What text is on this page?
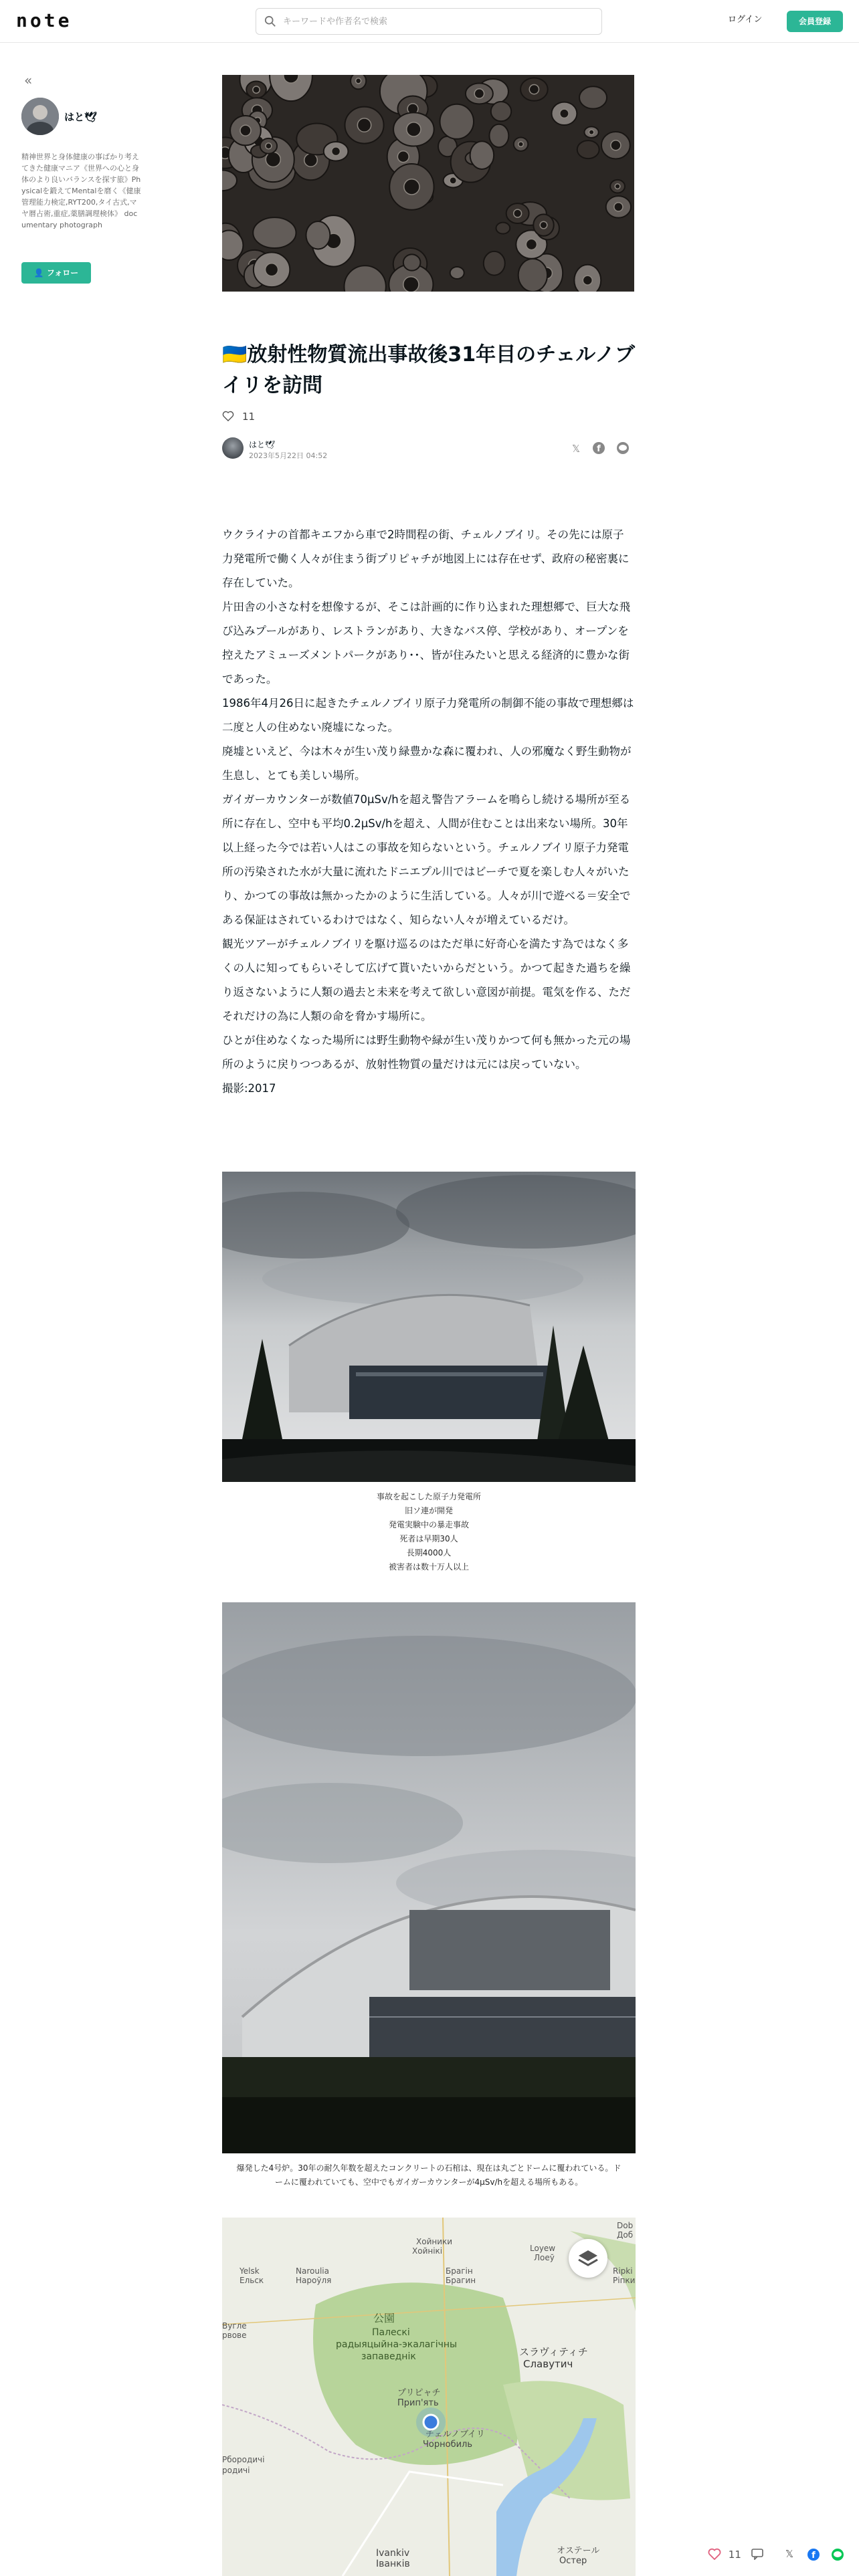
note
キーワードや作者名で検索	ログイン	会員登録
«
はと🕊
精神世界と身体健康の事ばかり考えてきた健康マニア《世界への心と身体のより良いバランスを探す旅》Physicalを鍛えてMentalを磨く《健康管理能力検定,RYT200,タイ古式,マヤ暦占術,重症,薬膳調理検体》 documentary photograph
👤 フォロー
🇺🇦放射性物質流出事故後31年目のチェルノブイリを訪問
11
はと🕊
2023年5月22日 04:52
𝕏	f

ウクライナの首都キエフから車で2時間程の街、チェルノブイリ。その先には原子力発電所で働く人々が住まう街プリピャチが地図上には存在せず、政府の秘密裏に存在していた。

片田舎の小さな村を想像するが、そこは計画的に作り込まれた理想郷で、巨大な飛び込みプールがあり、レストランがあり、大きなバス停、学校があり、オープンを控えたアミューズメントパークがあり･･、皆が住みたいと思える経済的に豊かな街であった。

1986年4月26日に起きたチェルノブイリ原子力発電所の制御不能の事故で理想郷は二度と人の住めない廃墟になった。

廃墟といえど、今は木々が生い茂り緑豊かな森に覆われ、人の邪魔なく野生動物が生息し、とても美しい場所。

ガイガーカウンターが数値70μSv/hを超え警告アラームを鳴らし続ける場所が至る所に存在し、空中も平均0.2μSv/hを超え、人間が住むことは出来ない場所。30年以上経った今では若い人はこの事故を知らないという。チェルノブイリ原子力発電所の汚染された水が大量に流れたドニエプル川ではビーチで夏を楽しむ人々がいたり、かつての事故は無かったかのように生活している。人々が川で遊べる＝安全である保証はされているわけではなく、知らない人々が増えているだけ。

観光ツアーがチェルノブイリを駆け巡るのはただ単に好奇心を満たす為ではなく多くの人に知ってもらいそして広げて貰いたいからだという。かつて起きた過ちを繰り返さないように人類の過去と未来を考えて欲しい意図が前提。電気を作る、ただそれだけの為に人類の命を脅かす場所に。

ひとが住めなくなった場所には野生動物や緑が生い茂りかつて何も無かった元の場所のように戻りつつあるが、放射性物質の量だけは元には戻っていない。

撮影:2017

事故を起こした原子力発電所
旧ソ連が開発
発電実験中の暴走事故
死者は早期30人
長期4000人
被害者は数十万人以上
爆発した4号炉。30年の耐久年数を超えたコンクリートの石棺は、現在は丸ごとドームに覆われている。ドームに覆われていても、空中でもガイガーカウンターが4μSv/hを超える場所もある。
Dob
Доб
Хойники
Хойнікі	Loyew
Лоеў
Yelsk
Ельск
Naroulia
Нароўля
Брагін
Брагин
Ripki
Рiпки
Вугле
рвове
公園
Палескі
радыяцыйна-экалагічны
запаведнік	スラヴィティチ
Славутич
プリピャチ
Прип'ять
チェルノブイリ
Чорнобиль
Ivankiv
Іванків
オステール
Остер
Рбородичі
родичі
11	𝕏 f
